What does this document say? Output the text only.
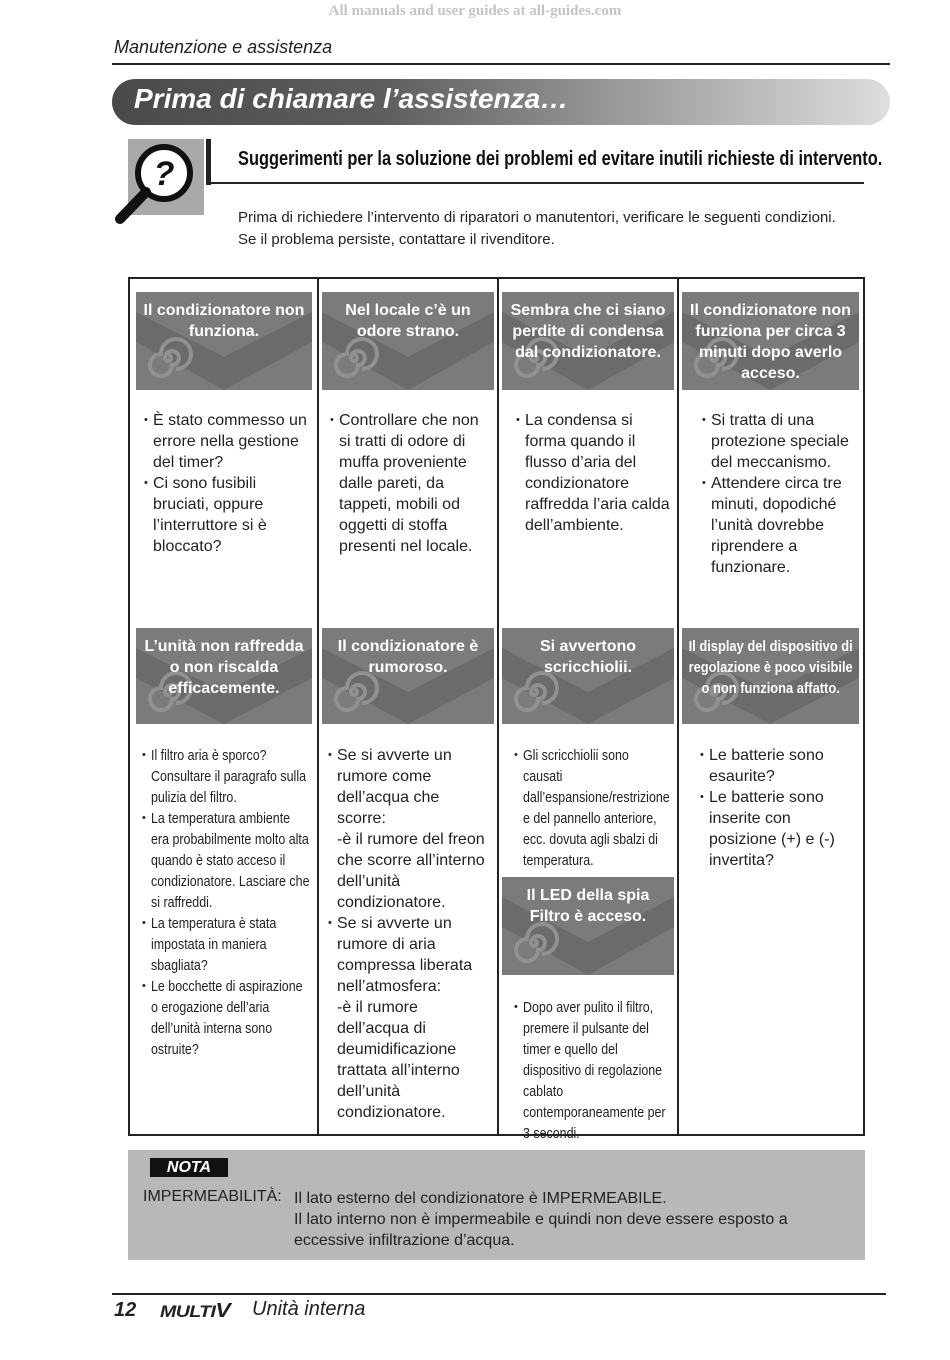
All manuals and user guides at all-guides.com
Manutenzione e assistenza
Prima di chiamare l’assistenza…
?	Suggerimenti per la soluzione dei problemi ed evitare inutili richieste di intervento.
Prima di richiedere l’intervento di riparatori o manutentori, verificare le seguenti condizioni.
Se il problema persiste, contattare il rivenditore.
Il condizionatore non funziona.
Nel locale c’è un odore strano.
Sembra che ci siano perdite di condensa dal condizionatore.
Il condizionatore non funziona per circa 3 minuti dopo averlo acceso.
• È stato commesso un errore nella gestione del timer?
• Ci sono fusibili bruciati, oppure l’interruttore si è bloccato?
• Controllare che non si tratti di odore di muffa proveniente dalle pareti, da tappeti, mobili od oggetti di stoffa presenti nel locale.
• La condensa si forma quando il flusso d’aria del condizionatore raffredda l’aria calda dell’ambiente.
• Si tratta di una protezione speciale del meccanismo.
• Attendere circa tre minuti, dopodiché l’unità dovrebbe riprendere a funzionare.
L’unità non raffredda o non riscalda efficacemente.
Il condizionatore è rumoroso.
Si avvertono scricchiolii.
Il display del dispositivo di regolazione è poco visibile o non funziona affatto.
• Il filtro aria è sporco?Consultare il paragrafo sulla pulizia del filtro.
• La temperatura ambiente era probabilmente molto alta quando è stato acceso il condizionatore. Lasciare che si raffreddi.
• La temperatura è stata impostata in maniera sbagliata?
• Le bocchette di aspirazione o erogazione dell’aria dell’unità interna sono ostruite?
• Se si avverte un rumore come dell’acqua che scorre:
-è il rumore del freon che scorre all’interno dell’unità condizionatore.
• Se si avverte un rumore di aria compressa liberata nell’atmosfera:
-è il rumore dell’acqua di deumidificazione trattata all’interno dell’unità condizionatore.
• Gli scricchiolii sono causati dall’espansione/restrizione e del pannello anteriore, ecc. dovuta agli sbalzi di temperatura.
Il LED della spia Filtro è acceso.
• Dopo aver pulito il filtro, premere il pulsante del timer e quello del dispositivo di regolazione cablato contemporaneamente per 3 secondi.
• Le batterie sono esaurite?
• Le batterie sono inserite con posizione (+) e (-) invertita?
NOTA
IMPERMEABILITÀ: Il lato esterno del condizionatore è IMPERMEABILE.
Il lato interno non è impermeabile e quindi non deve essere esposto a eccessive infiltrazione d’acqua.
12 MULTIV Unità interna
